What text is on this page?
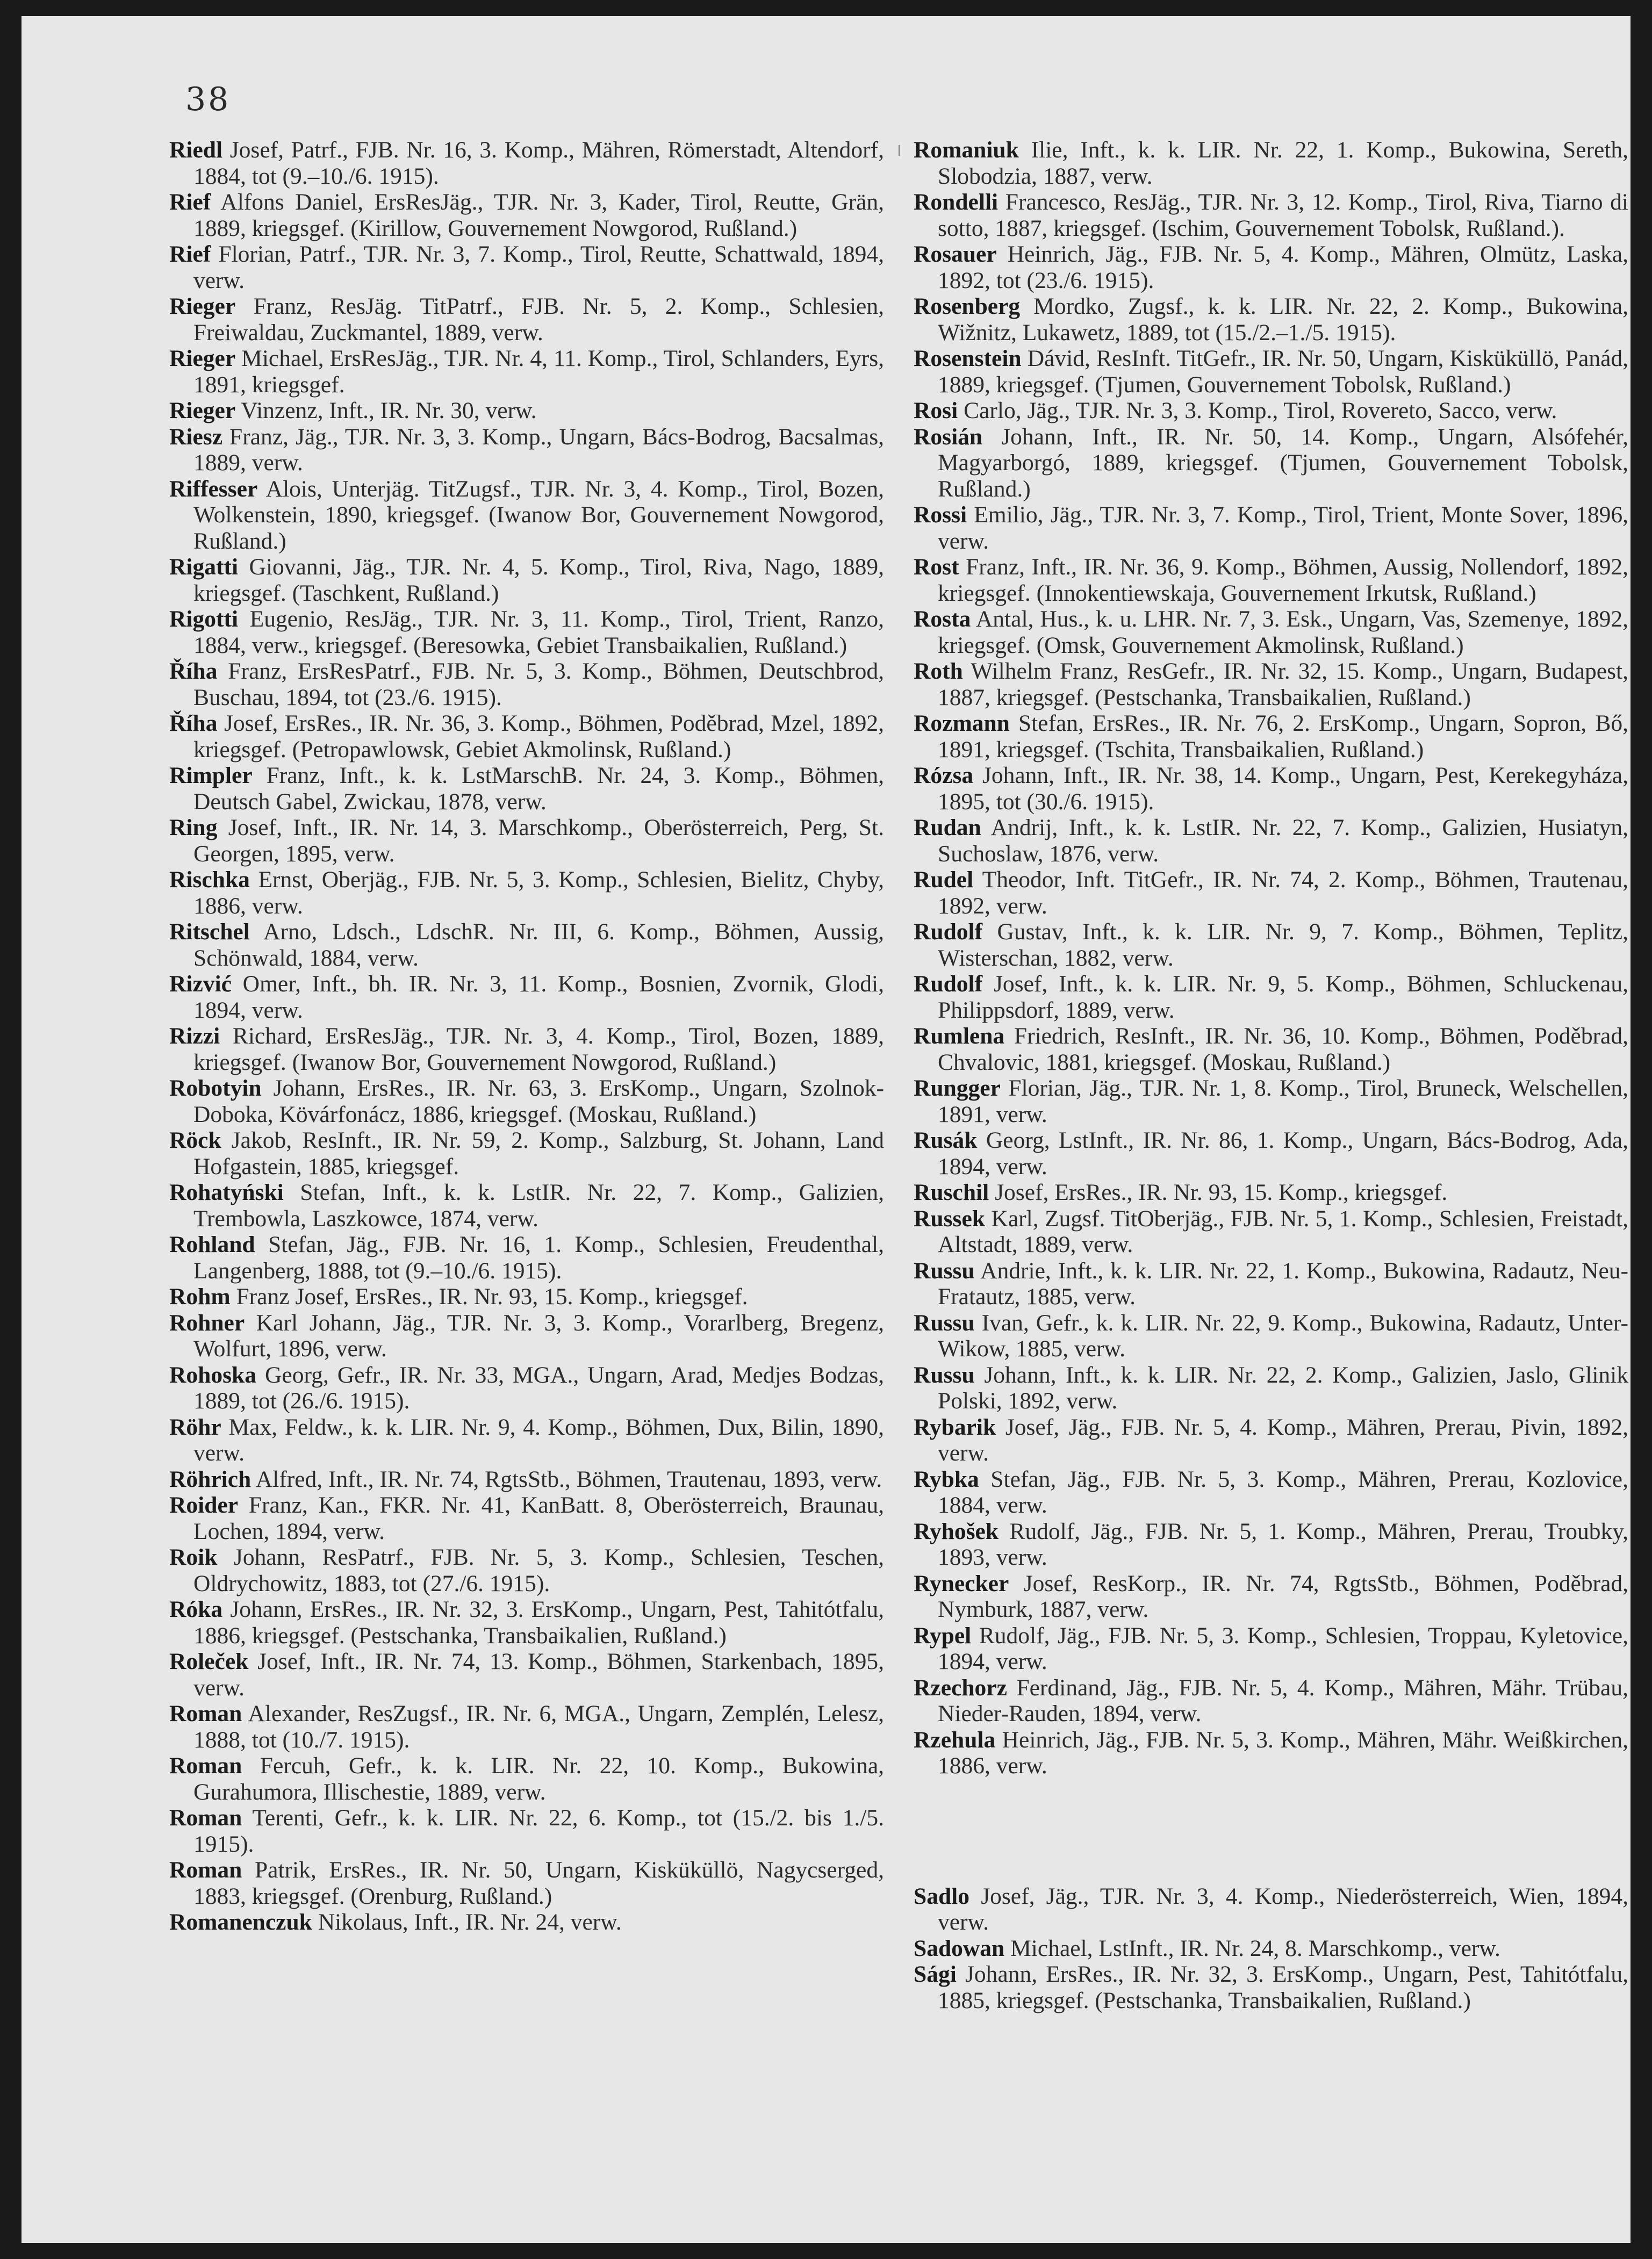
38

Riedl Josef, Patrf., FJB. Nr. 16, 3. Komp., Mähren, Römerstadt, Altendorf, 1884, tot (9.–10./6. 1915).

Rief Alfons Daniel, ErsResJäg., TJR. Nr. 3, Kader, Tirol, Reutte, Grän, 1889, kriegsgef. (Kirillow, Gouvernement Nowgorod, Rußland.)

Rief Florian, Patrf., TJR. Nr. 3, 7. Komp., Tirol, Reutte, Schattwald, 1894, verw.

Rieger Franz, ResJäg. TitPatrf., FJB. Nr. 5, 2. Komp., Schlesien, Freiwaldau, Zuckmantel, 1889, verw.

Rieger Michael, ErsResJäg., TJR. Nr. 4, 11. Komp., Tirol, Schlanders, Eyrs, 1891, kriegsgef.

Rieger Vinzenz, Inft., IR. Nr. 30, verw.

Riesz Franz, Jäg., TJR. Nr. 3, 3. Komp., Ungarn, Bács-Bodrog, Bacsalmas, 1889, verw.

Riffesser Alois, Unterjäg. TitZugsf., TJR. Nr. 3, 4. Komp., Tirol, Bozen, Wolkenstein, 1890, kriegsgef. (Iwanow Bor, Gouvernement Nowgorod, Rußland.)

Rigatti Giovanni, Jäg., TJR. Nr. 4, 5. Komp., Tirol, Riva, Nago, 1889, kriegsgef. (Taschkent, Rußland.)

Rigotti Eugenio, ResJäg., TJR. Nr. 3, 11. Komp., Tirol, Trient, Ranzo, 1884, verw., kriegsgef. (Beresowka, Gebiet Transbaikalien, Rußland.)

Říha Franz, ErsResPatrf., FJB. Nr. 5, 3. Komp., Böhmen, Deutschbrod, Buschau, 1894, tot (23./6. 1915).

Říha Josef, ErsRes., IR. Nr. 36, 3. Komp., Böhmen, Poděbrad, Mzel, 1892, kriegsgef. (Petropawlowsk, Gebiet Akmolinsk, Rußland.)

Rimpler Franz, Inft., k. k. LstMarschB. Nr. 24, 3. Komp., Böhmen, Deutsch Gabel, Zwickau, 1878, verw.

Ring Josef, Inft., IR. Nr. 14, 3. Marschkomp., Oberösterreich, Perg, St. Georgen, 1895, verw.

Rischka Ernst, Oberjäg., FJB. Nr. 5, 3. Komp., Schlesien, Bielitz, Chyby, 1886, verw.

Ritschel Arno, Ldsch., LdschR. Nr. III, 6. Komp., Böhmen, Aussig, Schönwald, 1884, verw.

Rizvić Omer, Inft., bh. IR. Nr. 3, 11. Komp., Bosnien, Zvornik, Glodi, 1894, verw.

Rizzi Richard, ErsResJäg., TJR. Nr. 3, 4. Komp., Tirol, Bozen, 1889, kriegsgef. (Iwanow Bor, Gouvernement Nowgorod, Rußland.)

Robotyin Johann, ErsRes., IR. Nr. 63, 3. ErsKomp., Ungarn, Szolnok-Doboka, Kövárfonácz, 1886, kriegsgef. (Moskau, Rußland.)

Röck Jakob, ResInft., IR. Nr. 59, 2. Komp., Salzburg, St. Johann, Land Hofgastein, 1885, kriegsgef.

Rohatyński Stefan, Inft., k. k. LstIR. Nr. 22, 7. Komp., Galizien, Trembowla, Laszkowce, 1874, verw.

Rohland Stefan, Jäg., FJB. Nr. 16, 1. Komp., Schlesien, Freudenthal, Langenberg, 1888, tot (9.–10./6. 1915).

Rohm Franz Josef, ErsRes., IR. Nr. 93, 15. Komp., kriegsgef.

Rohner Karl Johann, Jäg., TJR. Nr. 3, 3. Komp., Vorarlberg, Bregenz, Wolfurt, 1896, verw.

Rohoska Georg, Gefr., IR. Nr. 33, MGA., Ungarn, Arad, Medjes Bodzas, 1889, tot (26./6. 1915).

Röhr Max, Feldw., k. k. LIR. Nr. 9, 4. Komp., Böhmen, Dux, Bilin, 1890, verw.

Röhrich Alfred, Inft., IR. Nr. 74, RgtsStb., Böhmen, Trautenau, 1893, verw.

Roider Franz, Kan., FKR. Nr. 41, KanBatt. 8, Oberösterreich, Braunau, Lochen, 1894, verw.

Roik Johann, ResPatrf., FJB. Nr. 5, 3. Komp., Schlesien, Teschen, Oldrychowitz, 1883, tot (27./6. 1915).

Róka Johann, ErsRes., IR. Nr. 32, 3. ErsKomp., Ungarn, Pest, Tahitótfalu, 1886, kriegsgef. (Pestschanka, Transbaikalien, Rußland.)

Roleček Josef, Inft., IR. Nr. 74, 13. Komp., Böhmen, Starkenbach, 1895, verw.

Roman Alexander, ResZugsf., IR. Nr. 6, MGA., Ungarn, Zemplén, Lelesz, 1888, tot (10./7. 1915).

Roman Fercuh, Gefr., k. k. LIR. Nr. 22, 10. Komp., Bukowina, Gurahumora, Illischestie, 1889, verw.

Roman Terenti, Gefr., k. k. LIR. Nr. 22, 6. Komp., tot (15./2. bis 1./5. 1915).

Roman Patrik, ErsRes., IR. Nr. 50, Ungarn, Kisküküllö, Nagycserged, 1883, kriegsgef. (Orenburg, Rußland.)

Romanenczuk Nikolaus, Inft., IR. Nr. 24, verw.

Romaniuk Ilie, Inft., k. k. LIR. Nr. 22, 1. Komp., Bukowina, Sereth, Slobodzia, 1887, verw.

Rondelli Francesco, ResJäg., TJR. Nr. 3, 12. Komp., Tirol, Riva, Tiarno di sotto, 1887, kriegsgef. (Ischim, Gouvernement Tobolsk, Rußland.).

Rosauer Heinrich, Jäg., FJB. Nr. 5, 4. Komp., Mähren, Olmütz, Laska, 1892, tot (23./6. 1915).

Rosenberg Mordko, Zugsf., k. k. LIR. Nr. 22, 2. Komp., Bukowina, Wižnitz, Lukawetz, 1889, tot (15./2.–1./5. 1915).

Rosenstein Dávid, ResInft. TitGefr., IR. Nr. 50, Ungarn, Kisküküllö, Panád, 1889, kriegsgef. (Tjumen, Gouvernement Tobolsk, Rußland.)

Rosi Carlo, Jäg., TJR. Nr. 3, 3. Komp., Tirol, Rovereto, Sacco, verw.

Rosián Johann, Inft., IR. Nr. 50, 14. Komp., Ungarn, Alsófehér, Magyarborgó, 1889, kriegsgef. (Tjumen, Gouvernement Tobolsk, Rußland.)

Rossi Emilio, Jäg., TJR. Nr. 3, 7. Komp., Tirol, Trient, Monte Sover, 1896, verw.

Rost Franz, Inft., IR. Nr. 36, 9. Komp., Böhmen, Aussig, Nollendorf, 1892, kriegsgef. (Innokentiewskaja, Gouvernement Irkutsk, Rußland.)

Rosta Antal, Hus., k. u. LHR. Nr. 7, 3. Esk., Ungarn, Vas, Szemenye, 1892, kriegsgef. (Omsk, Gouvernement Akmolinsk, Rußland.)

Roth Wilhelm Franz, ResGefr., IR. Nr. 32, 15. Komp., Ungarn, Budapest, 1887, kriegsgef. (Pestschanka, Transbaikalien, Rußland.)

Rozmann Stefan, ErsRes., IR. Nr. 76, 2. ErsKomp., Ungarn, Sopron, Bő, 1891, kriegsgef. (Tschita, Transbaikalien, Rußland.)

Rózsa Johann, Inft., IR. Nr. 38, 14. Komp., Ungarn, Pest, Kerekegyháza, 1895, tot (30./6. 1915).

Rudan Andrij, Inft., k. k. LstIR. Nr. 22, 7. Komp., Galizien, Husiatyn, Suchoslaw, 1876, verw.

Rudel Theodor, Inft. TitGefr., IR. Nr. 74, 2. Komp., Böhmen, Trautenau, 1892, verw.

Rudolf Gustav, Inft., k. k. LIR. Nr. 9, 7. Komp., Böhmen, Teplitz, Wisterschan, 1882, verw.

Rudolf Josef, Inft., k. k. LIR. Nr. 9, 5. Komp., Böhmen, Schluckenau, Philippsdorf, 1889, verw.

Rumlena Friedrich, ResInft., IR. Nr. 36, 10. Komp., Böhmen, Poděbrad, Chvalovic, 1881, kriegsgef. (Moskau, Rußland.)

Rungger Florian, Jäg., TJR. Nr. 1, 8. Komp., Tirol, Bruneck, Welschellen, 1891, verw.

Rusák Georg, LstInft., IR. Nr. 86, 1. Komp., Ungarn, Bács-Bodrog, Ada, 1894, verw.

Ruschil Josef, ErsRes., IR. Nr. 93, 15. Komp., kriegsgef.

Russek Karl, Zugsf. TitOberjäg., FJB. Nr. 5, 1. Komp., Schlesien, Freistadt, Altstadt, 1889, verw.

Russu Andrie, Inft., k. k. LIR. Nr. 22, 1. Komp., Bukowina, Radautz, Neu-Fratautz, 1885, verw.

Russu Ivan, Gefr., k. k. LIR. Nr. 22, 9. Komp., Bukowina, Radautz, Unter-Wikow, 1885, verw.

Russu Johann, Inft., k. k. LIR. Nr. 22, 2. Komp., Galizien, Jaslo, Glinik Polski, 1892, verw.

Rybarik Josef, Jäg., FJB. Nr. 5, 4. Komp., Mähren, Prerau, Pivin, 1892, verw.

Rybka Stefan, Jäg., FJB. Nr. 5, 3. Komp., Mähren, Prerau, Kozlovice, 1884, verw.

Ryhošek Rudolf, Jäg., FJB. Nr. 5, 1. Komp., Mähren, Prerau, Troubky, 1893, verw.

Rynecker Josef, ResKorp., IR. Nr. 74, RgtsStb., Böhmen, Poděbrad, Nymburk, 1887, verw.

Rypel Rudolf, Jäg., FJB. Nr. 5, 3. Komp., Schlesien, Troppau, Kyletovice, 1894, verw.

Rzechorz Ferdinand, Jäg., FJB. Nr. 5, 4. Komp., Mähren, Mähr. Trübau, Nieder-Rauden, 1894, verw.

Rzehula Heinrich, Jäg., FJB. Nr. 5, 3. Komp., Mähren, Mähr. Weißkirchen, 1886, verw.

Sadlo Josef, Jäg., TJR. Nr. 3, 4. Komp., Niederösterreich, Wien, 1894, verw.

Sadowan Michael, LstInft., IR. Nr. 24, 8. Marschkomp., verw.

Sági Johann, ErsRes., IR. Nr. 32, 3. ErsKomp., Ungarn, Pest, Tahitótfalu, 1885, kriegsgef. (Pestschanka, Transbaikalien, Rußland.)
